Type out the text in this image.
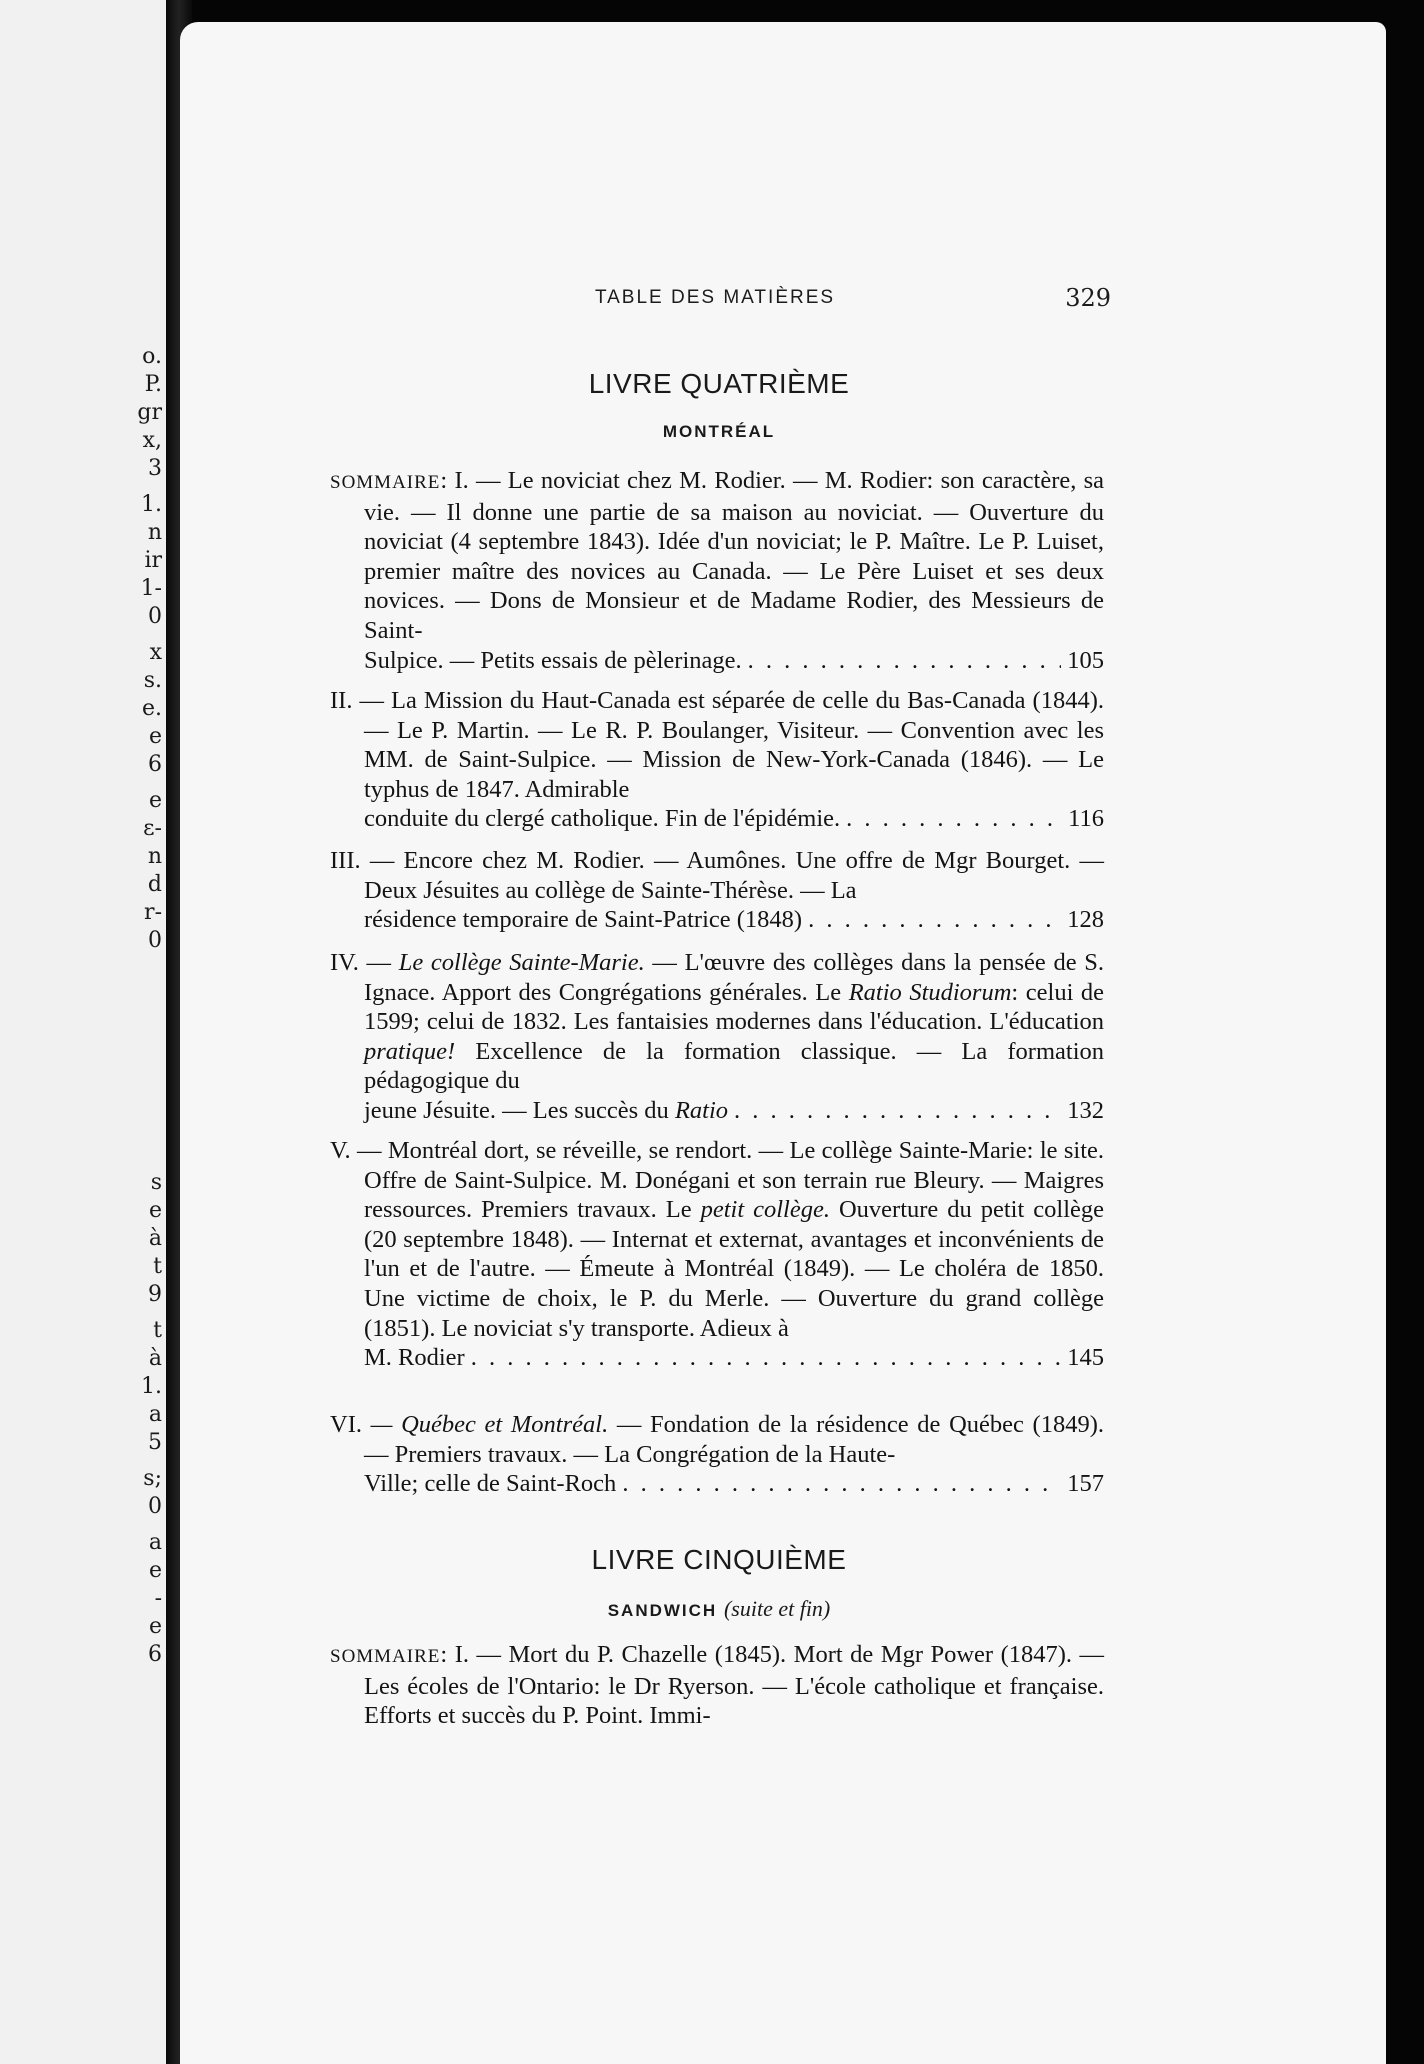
o.
P.
gr
x,
3
1.
n
ir
1-
0
x
s.
e.
e
6
e
ε-
n
d
r-
0
s
e
à
t
9
t
à
1.
a
5
s;
0
a
e
-
e
6
TABLE DES MATIÈRES	329
LIVRE QUATRIÈME
MONTRÉAL
SOMMAIRE: I. — Le noviciat chez M. Rodier. — M. Rodier: son caractère, sa vie. — Il donne une partie de sa maison au noviciat. — Ouverture du noviciat (4 septembre 1843). Idée d'un noviciat; le P. Maître. Le P. Luiset, premier maître des novices au Canada. — Le Père Luiset et ses deux novices. — Dons de Monsieur et de Madame Rodier, des Messieurs de Saint-
Sulpice. — Petits essais de pèlerinage. . . .	105
II. — La Mission du Haut-Canada est séparée de celle du Bas-Canada (1844). — Le P. Martin. — Le R. P. Boulanger, Visiteur. — Convention avec les MM. de Saint-Sulpice. — Mission de New-York-Canada (1846). — Le typhus de 1847. Admirable
conduite du clergé catholique. Fin de l'épidémie. . . .	116
III. — Encore chez M. Rodier. — Aumônes. Une offre de Mgr Bourget. — Deux Jésuites au collège de Sainte-Thérèse. — La
résidence temporaire de Saint-Patrice (1848) . . .	128
IV. — Le collège Sainte-Marie. — L'œuvre des collèges dans la pensée de S. Ignace. Apport des Congrégations générales. Le Ratio Studiorum: celui de 1599; celui de 1832. Les fantaisies modernes dans l'éducation. L'éducation pratique! Excellence de la formation classique. — La formation pédagogique du
jeune Jésuite. — Les succès du Ratio . . .	132
V. — Montréal dort, se réveille, se rendort. — Le collège Sainte-Marie: le site. Offre de Saint-Sulpice. M. Donégani et son terrain rue Bleury. — Maigres ressources. Premiers travaux. Le petit collège. Ouverture du petit collège (20 septembre 1848). — Internat et externat, avantages et inconvénients de l'un et de l'autre. — Émeute à Montréal (1849). — Le choléra de 1850. Une victime de choix, le P. du Merle. — Ouverture du grand collège (1851). Le noviciat s'y transporte. Adieux à
M. Rodier . . .	145
VI. — Québec et Montréal. — Fondation de la résidence de Québec (1849). — Premiers travaux. — La Congrégation de la Haute-
Ville; celle de Saint-Roch . . .	157
LIVRE CINQUIÈME
SANDWICH (suite et fin)
SOMMAIRE: I. — Mort du P. Chazelle (1845). Mort de Mgr Power (1847). — Les écoles de l'Ontario: le Dr Ryerson. — L'école catholique et française. Efforts et succès du P. Point. Immi-
